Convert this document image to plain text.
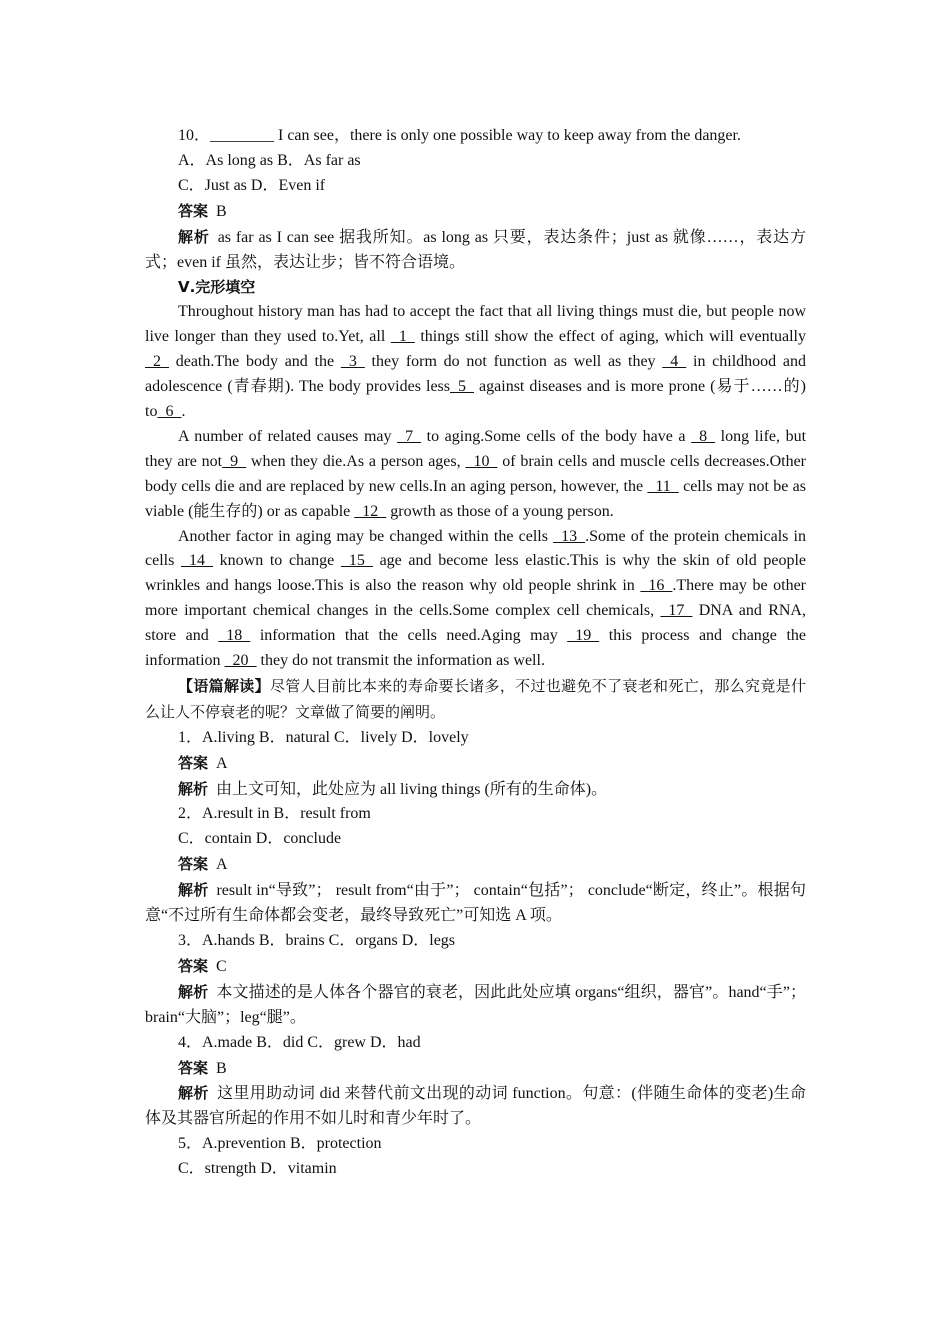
10．________ I can see，there is only one possible way to keep away from the danger.

A．As long as B．As far as

C．Just as D．Even if

答案 B

解析 as far as I can see 据我所知。as long as 只要，表达条件；just as 就像……，表达方式；even if 虽然，表达让步；皆不符合语境。

Ⅴ.完形填空

Throughout history man has had to accept the fact that all living things must die, but people now live longer than they used to.Yet, all  1  things still show the effect of aging, which will eventually  2  death.The body and the  3  they form do not function as well as they  4  in childhood and adolescence (青春期). The body provides less 5  against diseases and is more prone (易于……的) to 6 .

A number of related causes may  7  to aging.Some cells of the body have a  8  long life, but they are not 9  when they die.As a person ages,  10  of brain cells and muscle cells decreases.Other body cells die and are replaced by new cells.In an aging person, however, the  11  cells may not be as viable (能生存的) or as capable  12  growth as those of a young person.

Another factor in aging may be changed within the cells  13 .Some of the protein chemicals in cells  14  known to change  15  age and become less elastic.This is why the skin of old people wrinkles and hangs loose.This is also the reason why old people shrink in  16 .There may be other more important chemical changes in the cells.Some complex cell chemicals,  17  DNA and RNA, store and  18  information that the cells need.Aging may  19  this process and change the information  20  they do not transmit the information as well.

【语篇解读】尽管人目前比本来的寿命要长诸多，不过也避免不了衰老和死亡，那么究竟是什么让人不停衰老的呢？文章做了简要的阐明。

1．A.living B．natural C．lively D．lovely

答案 A

解析 由上文可知，此处应为 all living things (所有的生命体)。

2．A.result in B．result from

C．contain D．conclude

答案 A

解析 result in“导致”； result from“由于”； contain“包括”； conclude“断定，终止”。根据句意“不过所有生命体都会变老，最终导致死亡”可知选 A 项。

3．A.hands B．brains C．organs D．legs

答案 C

解析 本文描述的是人体各个器官的衰老，因此此处应填 organs“组织，器官”。hand“手”；brain“大脑”；leg“腿”。

4．A.made B．did C．grew D．had

答案 B

解析 这里用助动词 did 来替代前文出现的动词 function。句意：(伴随生命体的变老)生命体及其器官所起的作用不如儿时和青少年时了。

5．A.prevention B．protection

C．strength D．vitamin
